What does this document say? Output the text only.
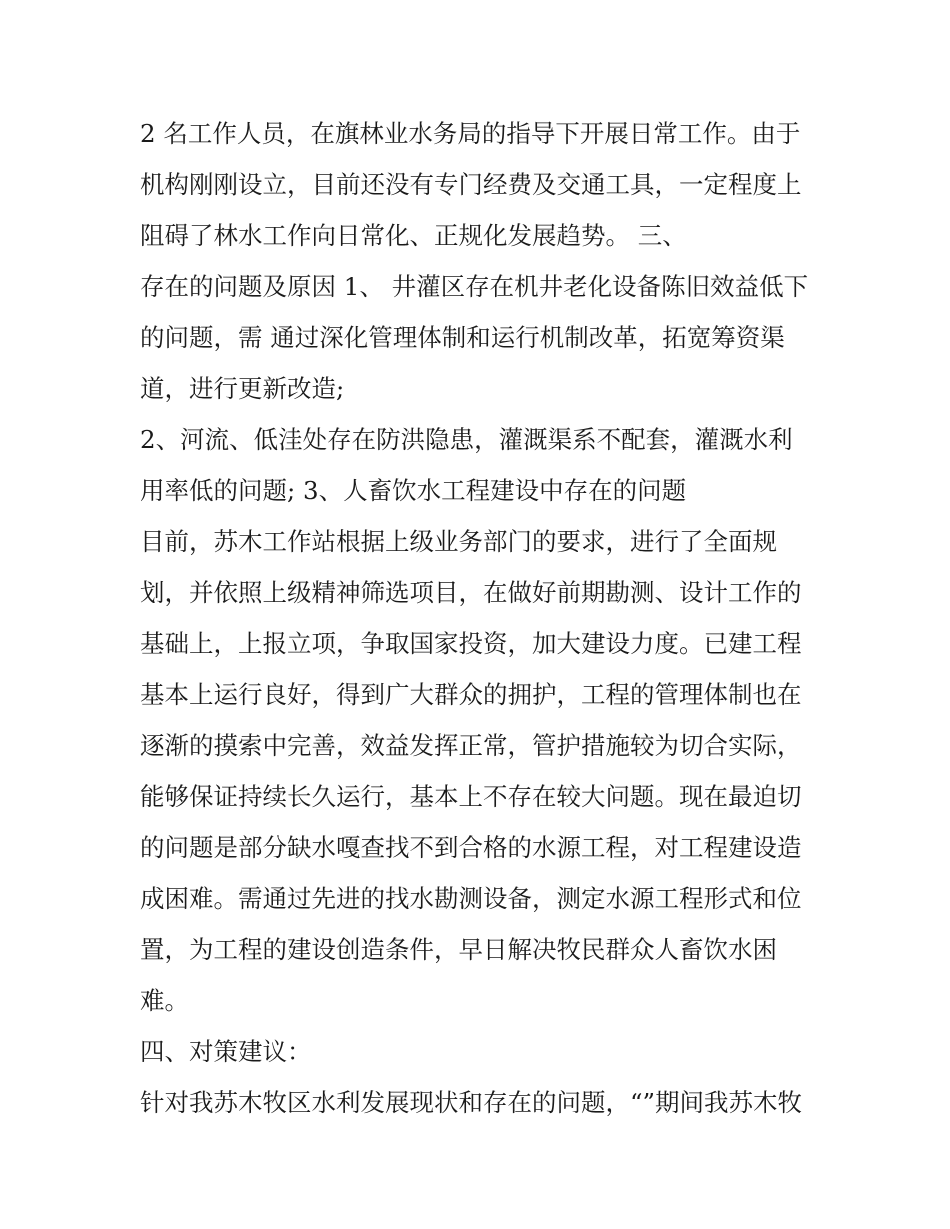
2 名工作人员，在旗林业水务局的指导下开展日常工作。由于
机构刚刚设立，目前还没有专门经费及交通工具，一定程度上
阻碍了林水工作向日常化、正规化发展趋势。 三、
存在的问题及原因 1、 井灌区存在机井老化设备陈旧效益低下
的问题，需 通过深化管理体制和运行机制改革，拓宽筹资渠
道，进行更新改造;
2、河流、低洼处存在防洪隐患，灌溉渠系不配套，灌溉水利
用率低的问题; 3、人畜饮水工程建设中存在的问题
目前，苏木工作站根据上级业务部门的要求，进行了全面规
划，并依照上级精神筛选项目，在做好前期勘测、设计工作的
基础上，上报立项，争取国家投资，加大建设力度。已建工程
基本上运行良好，得到广大群众的拥护，工程的管理体制也在
逐渐的摸索中完善，效益发挥正常，管护措施较为切合实际，
能够保证持续长久运行，基本上不存在较大问题。现在最迫切
的问题是部分缺水嘎查找不到合格的水源工程，对工程建设造
成困难。需通过先进的找水勘测设备，测定水源工程形式和位
置，为工程的建设创造条件，早日解决牧民群众人畜饮水困
难。
四、对策建议：
针对我苏木牧区水利发展现状和存在的问题，“”期间我苏木牧
